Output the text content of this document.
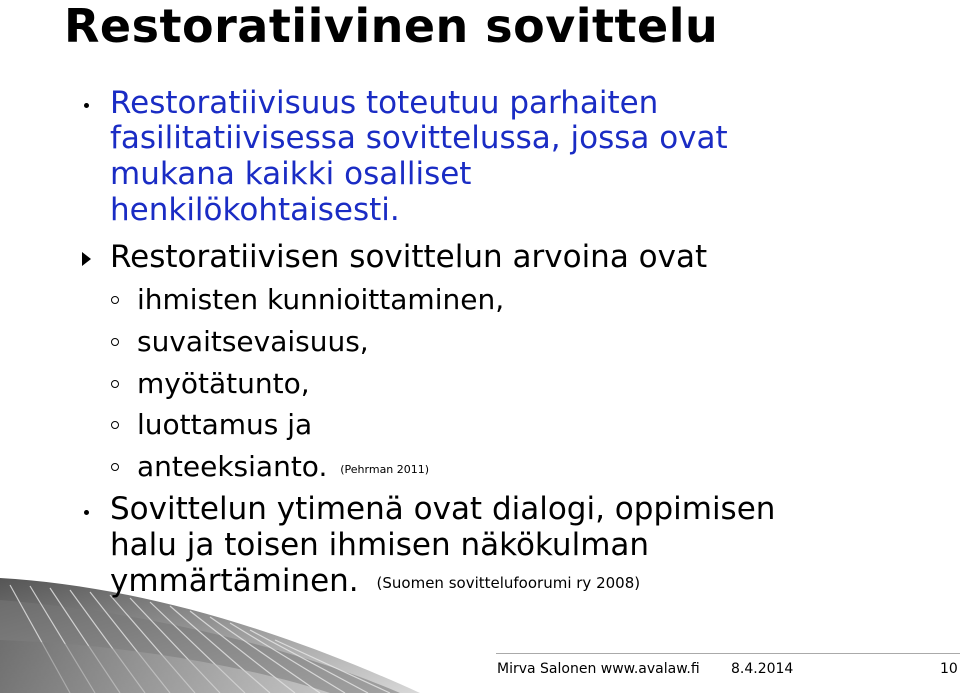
Restoratiivinen sovittelu
Restoratiivisuus toteutuu parhaiten
fasilitatiivisessa sovittelussa, jossa ovat
mukana kaikki osalliset
henkilökohtaisesti.
Restoratiivisen sovittelun arvoina ovat
ihmisten kunnioittaminen,
suvaitsevaisuus,
myötätunto,
luottamus ja
anteeksianto. (Pehrman 2011)
Sovittelun ytimenä ovat dialogi, oppimisen
halu ja toisen ihmisen näkökulman
ymmärtäminen. (Suomen sovittelufoorumi ry 2008)
Mirva Salonen www.avalaw.fi 8.4.2014	10
